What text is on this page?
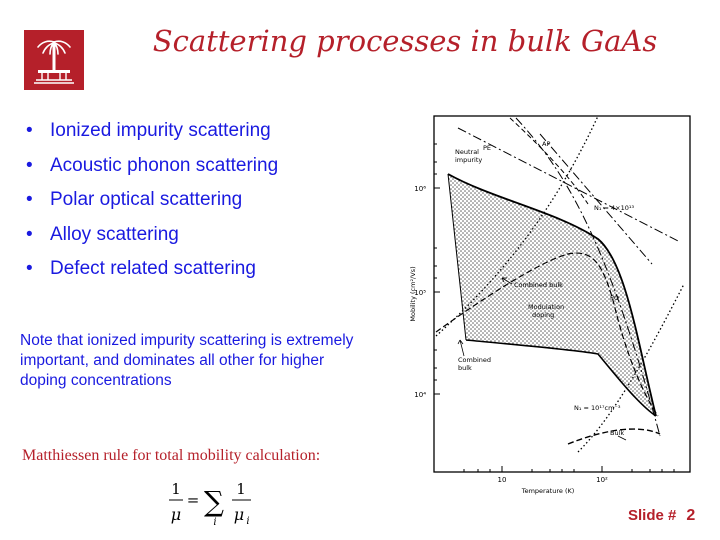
Scattering processes in bulk GaAs
• Ionized impurity scattering
• Acoustic phonon scattering
• Polar optical scattering
• Alloy scattering
• Defect related scattering
Note that ionized impurity scattering is extremely important, and dominates all other for higher doping concentrations
Matthiessen rule for total mobility calculation:
1
μ
= ∑
i
1
μ i
PE	AP
Neutral
impurity
N₁ = 4×10¹³
PO
Combined bulk
Modulation
doping
Combined
bulk
N₁ = 10¹⁷cm⁻³
Bulk
10⁶
10⁵
10⁴
10	10²
Temperature (K)
Mobility (cm²/Vs)
Slide # 2
